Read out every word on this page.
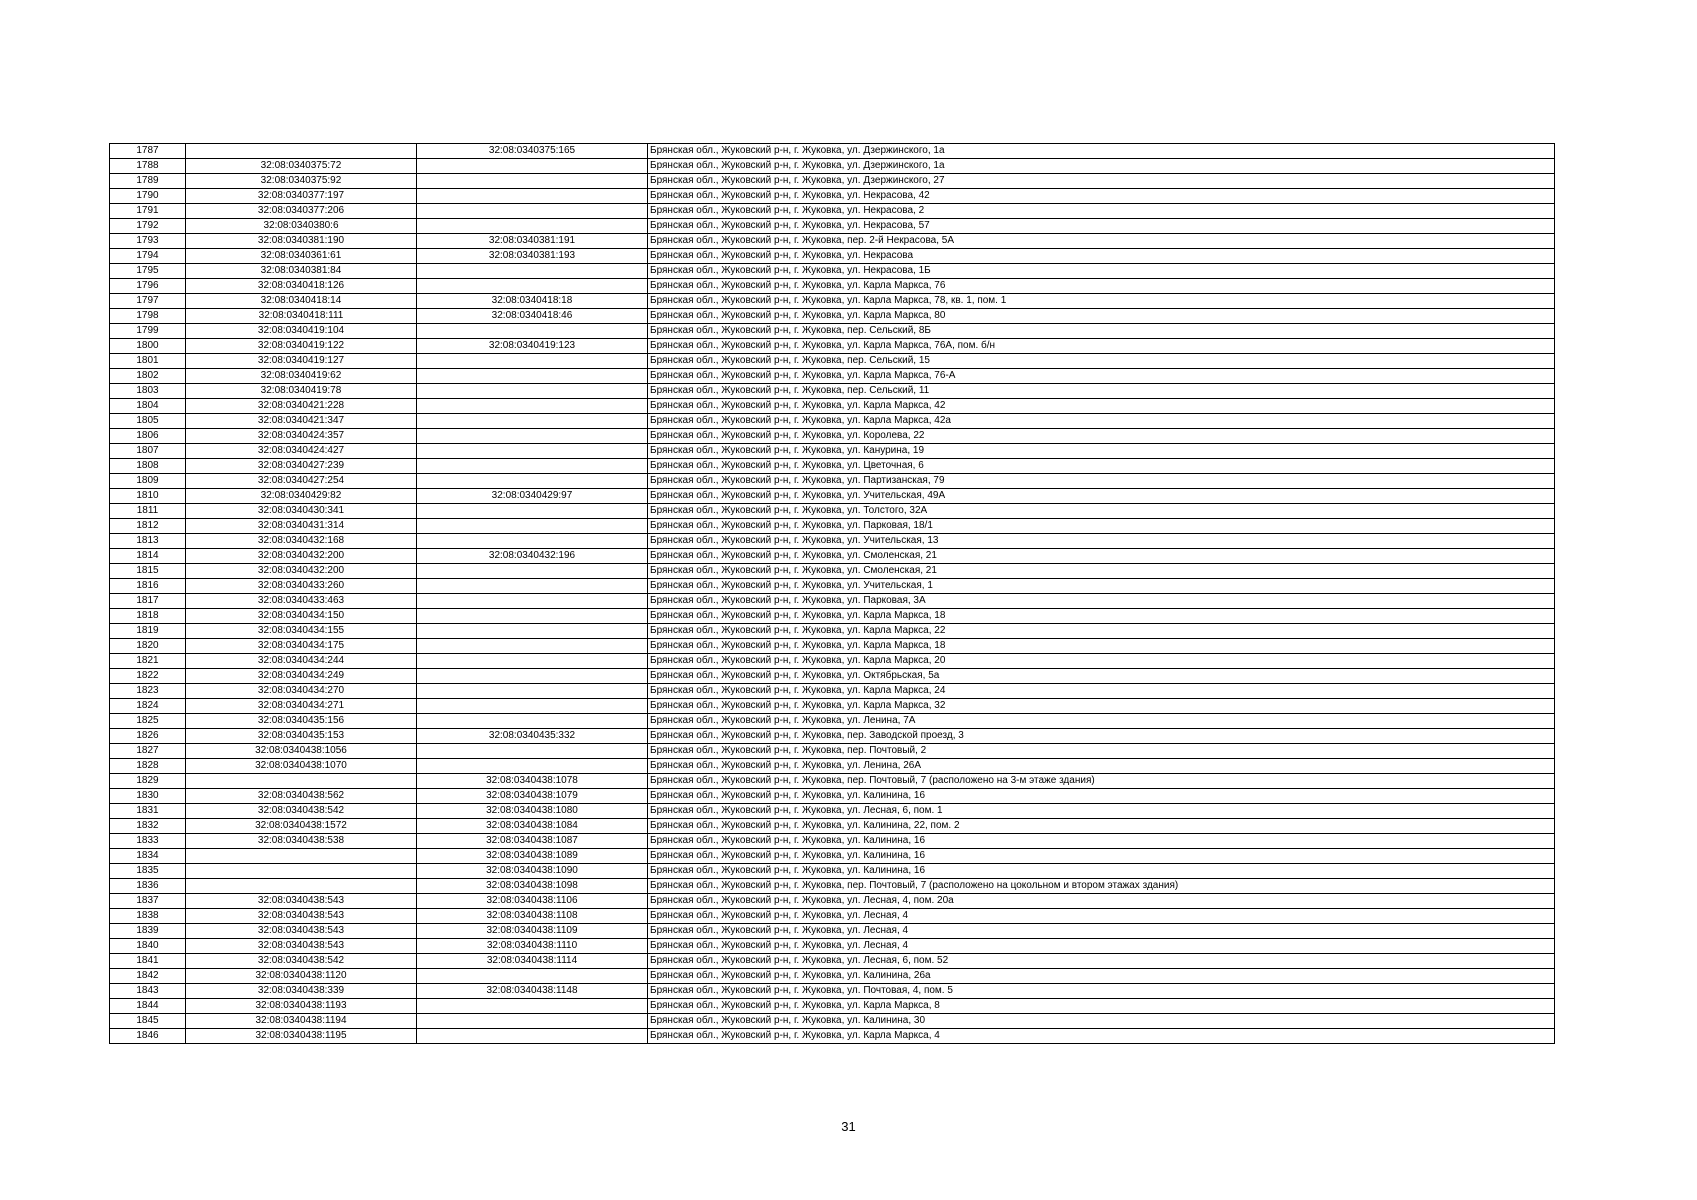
1787		32:08:0340375:165	Брянская обл., Жуковский р-н, г. Жуковка, ул. Дзержинского, 1а
1788	32:08:0340375:72		Брянская обл., Жуковский р-н, г. Жуковка, ул. Дзержинского, 1а
1789	32:08:0340375:92		Брянская обл., Жуковский р-н, г. Жуковка, ул. Дзержинского, 27
1790	32:08:0340377:197		Брянская обл., Жуковский р-н, г. Жуковка, ул. Некрасова, 42
1791	32:08:0340377:206		Брянская обл., Жуковский р-н, г. Жуковка, ул. Некрасова, 2
1792	32:08:0340380:6		Брянская обл., Жуковский р-н, г. Жуковка, ул. Некрасова, 57
1793	32:08:0340381:190	32:08:0340381:191	Брянская обл., Жуковский р-н, г. Жуковка, пер. 2-й Некрасова, 5А
1794	32:08:0340361:61	32:08:0340381:193	Брянская обл., Жуковский р-н, г. Жуковка, ул. Некрасова
1795	32:08:0340381:84		Брянская обл., Жуковский р-н, г. Жуковка, ул. Некрасова, 1Б
1796	32:08:0340418:126		Брянская обл., Жуковский р-н, г. Жуковка, ул. Карла Маркса, 76
1797	32:08:0340418:14	32:08:0340418:18	Брянская обл., Жуковский р-н, г. Жуковка, ул. Карла Маркса, 78, кв. 1, пом. 1
1798	32:08:0340418:111	32:08:0340418:46	Брянская обл., Жуковский р-н, г. Жуковка, ул. Карла Маркса, 80
1799	32:08:0340419:104		Брянская обл., Жуковский р-н, г. Жуковка, пер. Сельский, 8Б
1800	32:08:0340419:122	32:08:0340419:123	Брянская обл., Жуковский р-н, г. Жуковка, ул. Карла Маркса, 76А, пом. б/н
1801	32:08:0340419:127		Брянская обл., Жуковский р-н, г. Жуковка, пер. Сельский, 15
1802	32:08:0340419:62		Брянская обл., Жуковский р-н, г. Жуковка, ул. Карла Маркса, 76-А
1803	32:08:0340419:78		Брянская обл., Жуковский р-н, г. Жуковка, пер. Сельский, 11
1804	32:08:0340421:228		Брянская обл., Жуковский р-н, г. Жуковка, ул. Карла Маркса, 42
1805	32:08:0340421:347		Брянская обл., Жуковский р-н, г. Жуковка, ул. Карла Маркса, 42а
1806	32:08:0340424:357		Брянская обл., Жуковский р-н, г. Жуковка, ул. Королева, 22
1807	32:08:0340424:427		Брянская обл., Жуковский р-н, г. Жуковка, ул. Канурина, 19
1808	32:08:0340427:239		Брянская обл., Жуковский р-н, г. Жуковка, ул. Цветочная, 6
1809	32:08:0340427:254		Брянская обл., Жуковский р-н, г. Жуковка, ул. Партизанская, 79
1810	32:08:0340429:82	32:08:0340429:97	Брянская обл., Жуковский р-н, г. Жуковка, ул. Учительская, 49А
1811	32:08:0340430:341		Брянская обл., Жуковский р-н, г. Жуковка, ул. Толстого, 32А
1812	32:08:0340431:314		Брянская обл., Жуковский р-н, г. Жуковка, ул. Парковая, 18/1
1813	32:08:0340432:168		Брянская обл., Жуковский р-н, г. Жуковка, ул. Учительская, 13
1814	32:08:0340432:200	32:08:0340432:196	Брянская обл., Жуковский р-н, г. Жуковка, ул. Смоленская, 21
1815	32:08:0340432:200		Брянская обл., Жуковский р-н, г. Жуковка, ул. Смоленская, 21
1816	32:08:0340433:260		Брянская обл., Жуковский р-н, г. Жуковка, ул. Учительская, 1
1817	32:08:0340433:463		Брянская обл., Жуковский р-н, г. Жуковка, ул. Парковая, 3А
1818	32:08:0340434:150		Брянская обл., Жуковский р-н, г. Жуковка, ул. Карла Маркса, 18
1819	32:08:0340434:155		Брянская обл., Жуковский р-н, г. Жуковка, ул. Карла Маркса, 22
1820	32:08:0340434:175		Брянская обл., Жуковский р-н, г. Жуковка, ул. Карла Маркса, 18
1821	32:08:0340434:244		Брянская обл., Жуковский р-н, г. Жуковка, ул. Карла Маркса, 20
1822	32:08:0340434:249		Брянская обл., Жуковский р-н, г. Жуковка, ул. Октябрьская, 5а
1823	32:08:0340434:270		Брянская обл., Жуковский р-н, г. Жуковка, ул. Карла Маркса, 24
1824	32:08:0340434:271		Брянская обл., Жуковский р-н, г. Жуковка, ул. Карла Маркса, 32
1825	32:08:0340435:156		Брянская обл., Жуковский р-н, г. Жуковка, ул. Ленина, 7А
1826	32:08:0340435:153	32:08:0340435:332	Брянская обл., Жуковский р-н, г. Жуковка, пер. Заводской проезд, 3
1827	32:08:0340438:1056		Брянская обл., Жуковский р-н, г. Жуковка, пер. Почтовый, 2
1828	32:08:0340438:1070		Брянская обл., Жуковский р-н, г. Жуковка, ул. Ленина, 26А
1829		32:08:0340438:1078	Брянская обл., Жуковский р-н, г. Жуковка, пер. Почтовый, 7 (расположено на 3-м этаже здания)
1830	32:08:0340438:562	32:08:0340438:1079	Брянская обл., Жуковский р-н, г. Жуковка, ул. Калинина, 16
1831	32:08:0340438:542	32:08:0340438:1080	Брянская обл., Жуковский р-н, г. Жуковка, ул. Лесная, 6, пом. 1
1832	32:08:0340438:1572	32:08:0340438:1084	Брянская обл., Жуковский р-н, г. Жуковка, ул. Калинина, 22, пом. 2
1833	32:08:0340438:538	32:08:0340438:1087	Брянская обл., Жуковский р-н, г. Жуковка, ул. Калинина, 16
1834		32:08:0340438:1089	Брянская обл., Жуковский р-н, г. Жуковка, ул. Калинина, 16
1835		32:08:0340438:1090	Брянская обл., Жуковский р-н, г. Жуковка, ул. Калинина, 16
1836		32:08:0340438:1098	Брянская обл., Жуковский р-н, г. Жуковка, пер. Почтовый, 7 (расположено на цокольном и втором этажах здания)
1837	32:08:0340438:543	32:08:0340438:1106	Брянская обл., Жуковский р-н, г. Жуковка, ул. Лесная, 4, пом. 20а
1838	32:08:0340438:543	32:08:0340438:1108	Брянская обл., Жуковский р-н, г. Жуковка, ул. Лесная, 4
1839	32:08:0340438:543	32:08:0340438:1109	Брянская обл., Жуковский р-н, г. Жуковка, ул. Лесная, 4
1840	32:08:0340438:543	32:08:0340438:1110	Брянская обл., Жуковский р-н, г. Жуковка, ул. Лесная, 4
1841	32:08:0340438:542	32:08:0340438:1114	Брянская обл., Жуковский р-н, г. Жуковка, ул. Лесная, 6, пом. 52
1842	32:08:0340438:1120		Брянская обл., Жуковский р-н, г. Жуковка, ул. Калинина, 26а
1843	32:08:0340438:339	32:08:0340438:1148	Брянская обл., Жуковский р-н, г. Жуковка, ул. Почтовая, 4, пом. 5
1844	32:08:0340438:1193		Брянская обл., Жуковский р-н, г. Жуковка, ул. Карла Маркса, 8
1845	32:08:0340438:1194		Брянская обл., Жуковский р-н, г. Жуковка, ул. Калинина, 30
1846	32:08:0340438:1195		Брянская обл., Жуковский р-н, г. Жуковка, ул. Карла Маркса, 4
31
